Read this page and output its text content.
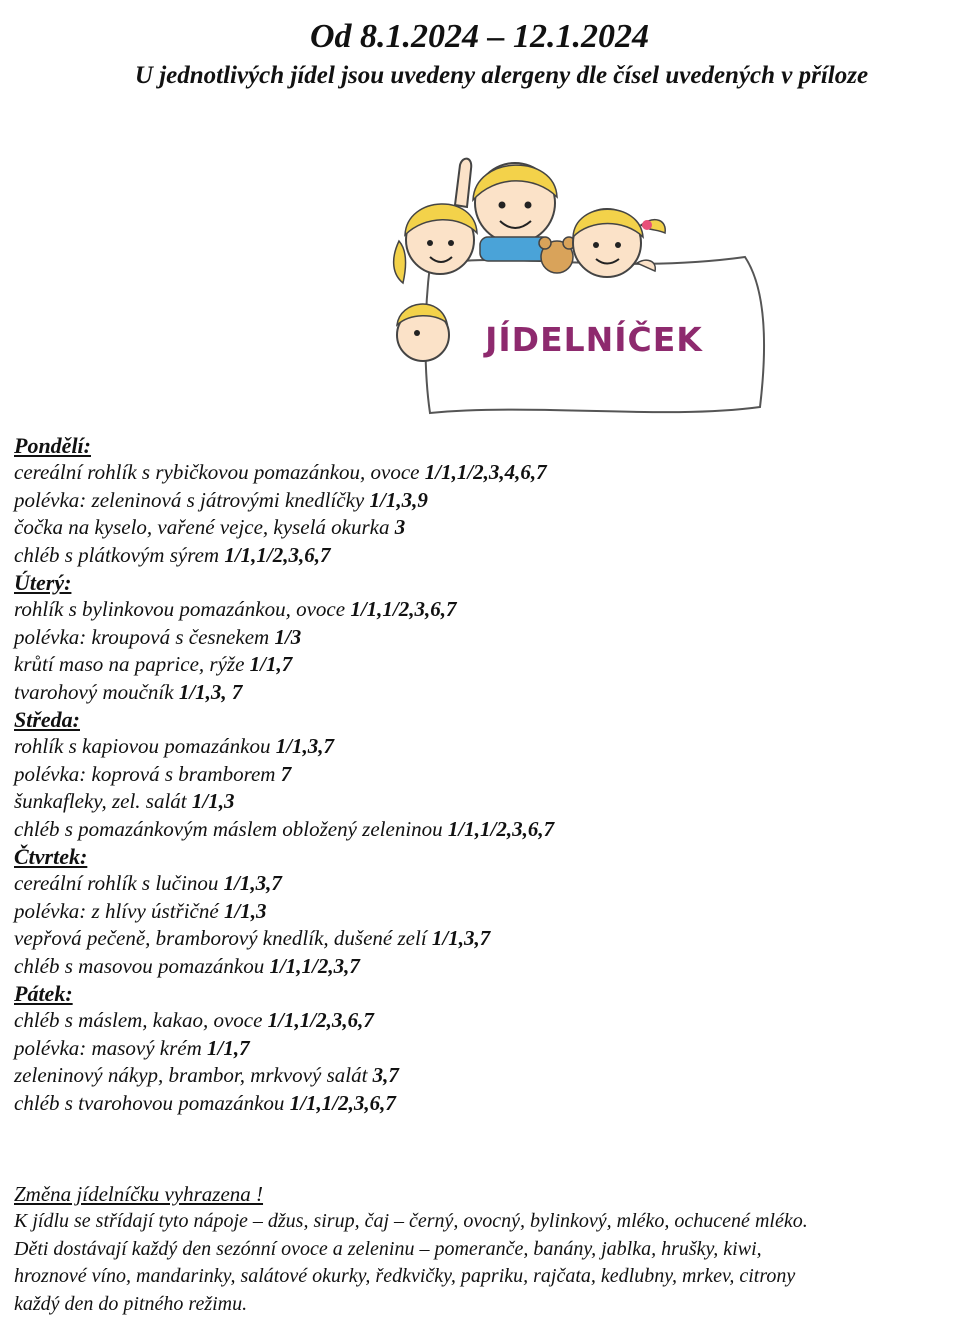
Od 8.1.2024 – 12.1.2024
U jednotlivých jídel jsou uvedeny alergeny dle čísel uvedených v příloze
JÍDELNÍČEK
Pondělí:
cereální rohlík s rybičkovou pomazánkou, ovoce 1/1,1/2,3,4,6,7
polévka: zeleninová s játrovými knedlíčky 1/1,3,9
čočka na kyselo, vařené vejce, kyselá okurka 3
chléb s plátkovým sýrem 1/1,1/2,3,6,7
Úterý:
rohlík s bylinkovou pomazánkou, ovoce 1/1,1/2,3,6,7
polévka: kroupová s česnekem 1/3
krůtí maso na paprice, rýže 1/1,7
tvarohový moučník 1/1,3, 7
Středa:
rohlík s kapiovou pomazánkou 1/1,3,7
polévka: koprová s bramborem 7
šunkafleky, zel. salát 1/1,3
chléb s pomazánkovým máslem obložený zeleninou 1/1,1/2,3,6,7
Čtvrtek:
cereální rohlík s lučinou 1/1,3,7
polévka: z hlívy ústřičné 1/1,3
vepřová pečeně, bramborový knedlík, dušené zelí 1/1,3,7
chléb s masovou pomazánkou 1/1,1/2,3,7
Pátek:
chléb s máslem, kakao, ovoce 1/1,1/2,3,6,7
polévka: masový krém 1/1,7
zeleninový nákyp, brambor, mrkvový salát 3,7
chléb s tvarohovou pomazánkou 1/1,1/2,3,6,7
Změna jídelníčku vyhrazena !
K jídlu se střídají tyto nápoje – džus, sirup, čaj – černý, ovocný, bylinkový, mléko, ochucené mléko.
Děti dostávají každý den sezónní ovoce a zeleninu – pomeranče, banány, jablka, hrušky, kiwi,
hroznové víno, mandarinky, salátové okurky, ředkvičky, papriku, rajčata, kedlubny, mrkev, citrony
každý den do pitného režimu.
